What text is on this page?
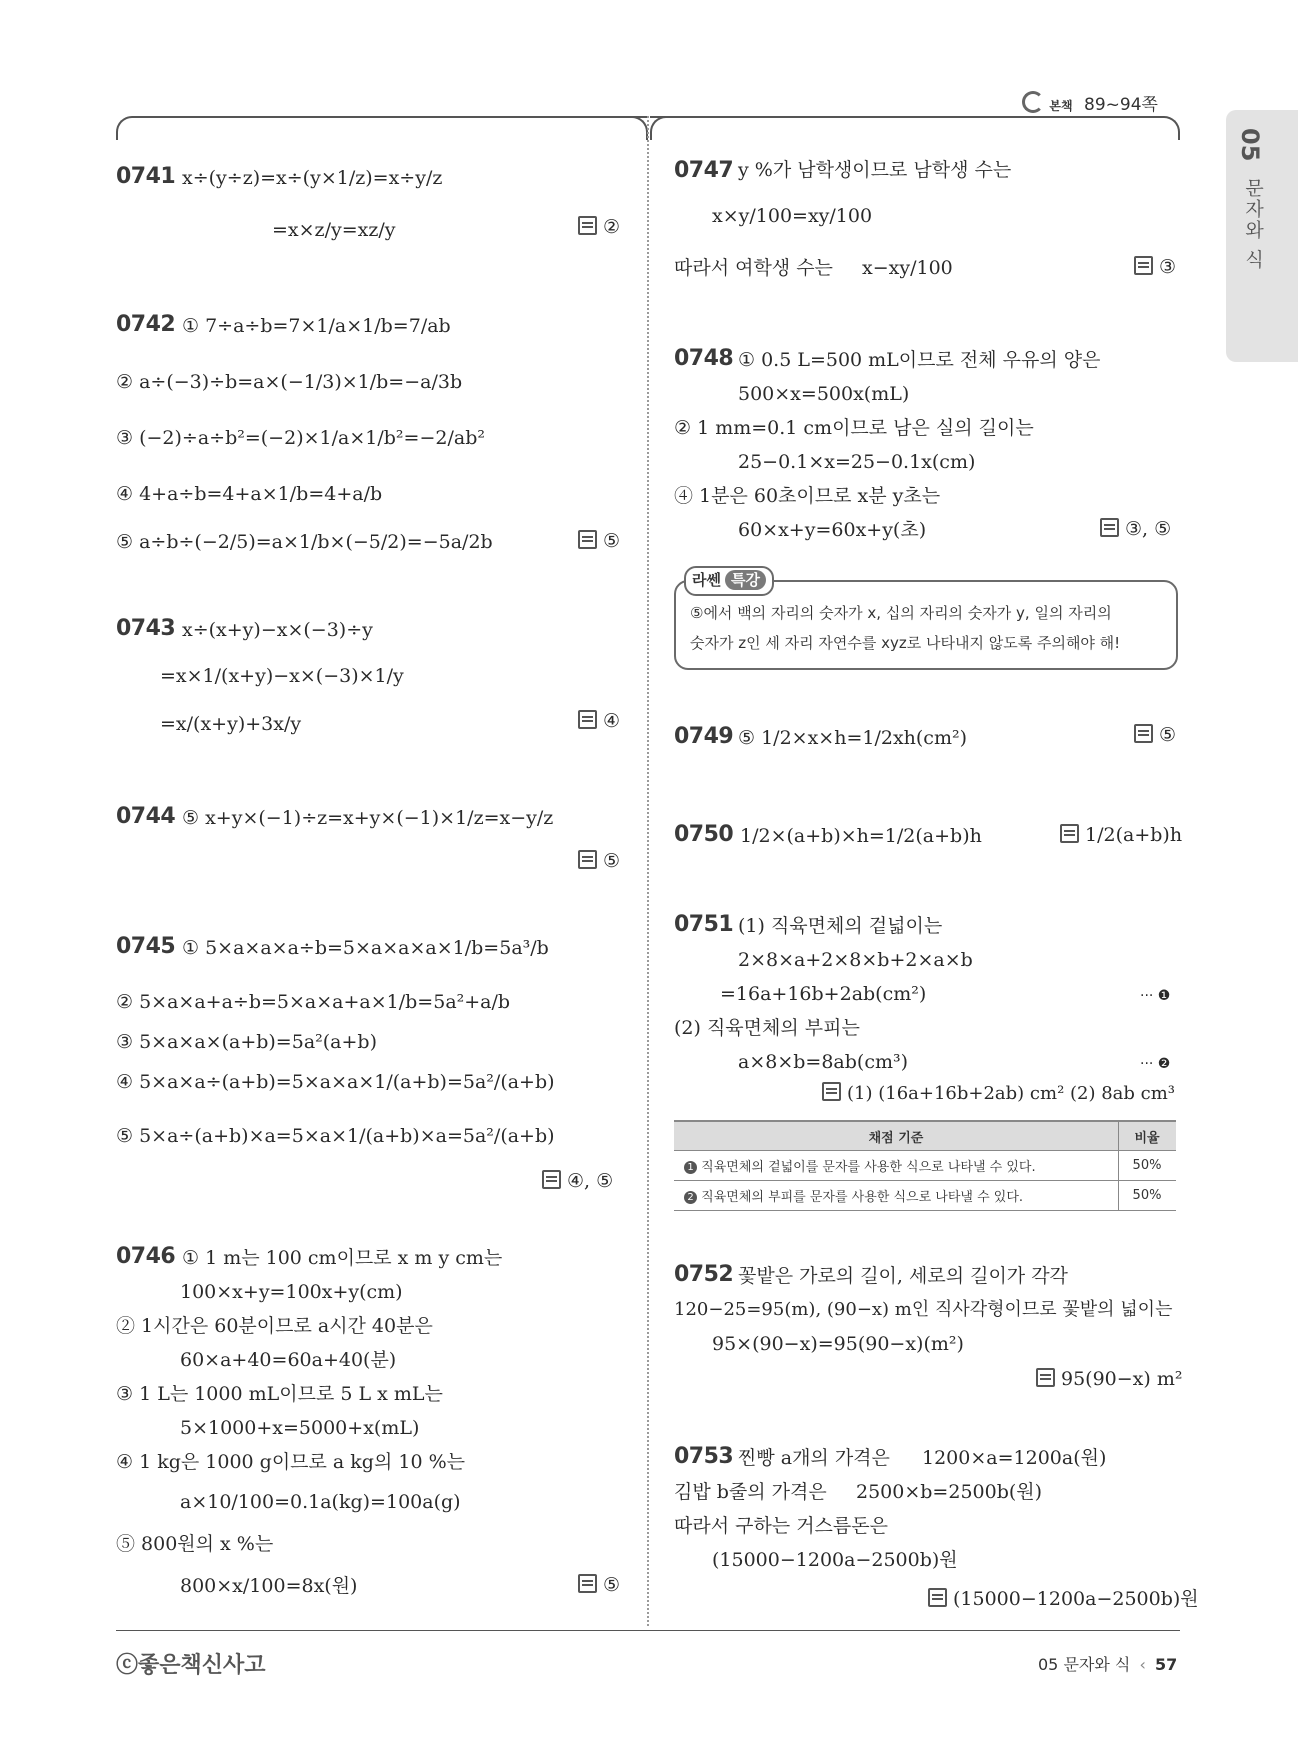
본책 89~94쪽
05
문자와 식
0741 x÷(y÷z)=x÷(y×1/z)=x÷y/z
=x×z/y=xz/y	②
0742 ① 7÷a÷b=7×1/a×1/b=7/ab
② a÷(−3)÷b=a×(−1/3)×1/b=−a/3b
③ (−2)÷a÷b²=(−2)×1/a×1/b²=−2/ab²
④ 4+a÷b=4+a×1/b=4+a/b
⑤ a÷b÷(−2/5)=a×1/b×(−5/2)=−5a/2b	⑤
0743 x÷(x+y)−x×(−3)÷y
=x×1/(x+y)−x×(−3)×1/y
=x/(x+y)+3x/y	④
0744 ⑤ x+y×(−1)÷z=x+y×(−1)×1/z=x−y/z
⑤
0745 ① 5×a×a×a÷b=5×a×a×a×1/b=5a³/b
② 5×a×a+a÷b=5×a×a+a×1/b=5a²+a/b
③ 5×a×a×(a+b)=5a²(a+b)
④ 5×a×a÷(a+b)=5×a×a×1/(a+b)=5a²/(a+b)
⑤ 5×a÷(a+b)×a=5×a×1/(a+b)×a=5a²/(a+b)
④, ⑤
0746 ① 1 m는 100 cm이므로 x m y cm는
100×x+y=100x+y(cm)
② 1시간은 60분이므로 a시간 40분은
60×a+40=60a+40(분)
③ 1 L는 1000 mL이므로 5 L x mL는
5×1000+x=5000+x(mL)
④ 1 kg은 1000 g이므로 a kg의 10 %는
a×10/100=0.1a(kg)=100a(g)
⑤ 800원의 x %는
800×x/100=8x(원)	⑤
0747 y %가 남학생이므로 남학생 수는
x×y/100=xy/100
따라서 여학생 수는 x−xy/100	③
0748 ① 0.5 L=500 mL이므로 전체 우유의 양은
500×x=500x(mL)
② 1 mm=0.1 cm이므로 남은 실의 길이는
25−0.1×x=25−0.1x(cm)
④ 1분은 60초이므로 x분 y초는
60×x+y=60x+y(초)	③, ⑤
라쎈 특강
⑤에서 백의 자리의 숫자가 x, 십의 자리의 숫자가 y, 일의 자리의
숫자가 z인 세 자리 자연수를 xyz로 나타내지 않도록 주의해야 해!
0749 ⑤ 1/2×x×h=1/2xh(cm²)	⑤
0750 1/2×(a+b)×h=1/2(a+b)h	1/2(a+b)h
0751 (1) 직육면체의 겉넓이는
2×8×a+2×8×b+2×a×b
=16a+16b+2ab(cm²)	··· ❶
(2) 직육면체의 부피는
a×8×b=8ab(cm³)	··· ❷
(1) (16a+16b+2ab) cm² (2) 8ab cm³
채점 기준	비율
1 직육면체의 겉넓이를 문자를 사용한 식으로 나타낼 수 있다.	50%
2 직육면체의 부피를 문자를 사용한 식으로 나타낼 수 있다.	50%
0752 꽃밭은 가로의 길이, 세로의 길이가 각각
120−25=95(m), (90−x) m인 직사각형이므로 꽃밭의 넓이는
95×(90−x)=95(90−x)(m²)
95(90−x) m²
0753 찐빵 a개의 가격은 1200×a=1200a(원)
김밥 b줄의 가격은 2500×b=2500b(원)
따라서 구하는 거스름돈은
(15000−1200a−2500b)원
(15000−1200a−2500b)원
ⓒ좋은책신사고	05 문자와 식 ‹ 57
